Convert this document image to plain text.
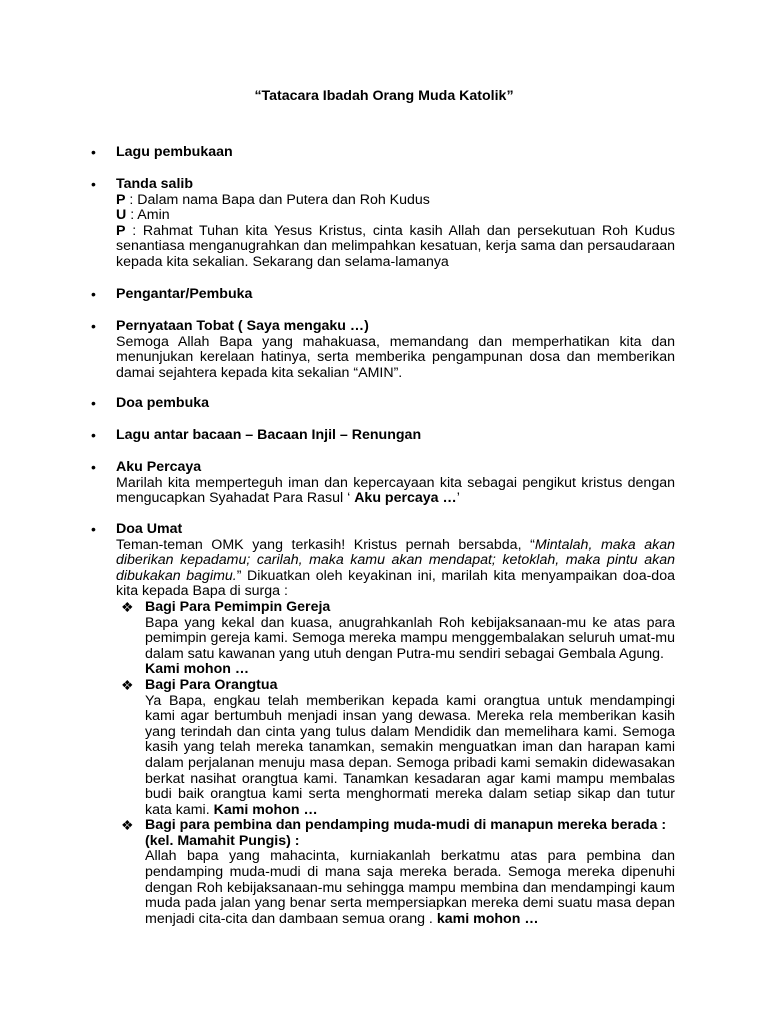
“Tatacara Ibadah Orang Muda Katolik”
• Lagu pembukaan
• Tanda salib
P : Dalam nama Bapa dan Putera dan Roh Kudus
U : Amin
P : Rahmat Tuhan kita Yesus Kristus, cinta kasih Allah dan persekutuan Roh Kudus senantiasa menganugrahkan dan melimpahkan kesatuan, kerja sama dan persaudaraan kepada kita sekalian. Sekarang dan selama-lamanya
• Pengantar/Pembuka
• Pernyataan Tobat ( Saya mengaku …)
Semoga Allah Bapa yang mahakuasa, memandang dan memperhatikan kita dan menunjukan kerelaan hatinya, serta memberika pengampunan dosa dan memberikan damai sejahtera kepada kita sekalian “AMIN”.
• Doa pembuka
• Lagu antar bacaan – Bacaan Injil – Renungan
• Aku Percaya
Marilah kita memperteguh iman dan kepercayaan kita sebagai pengikut kristus dengan mengucapkan Syahadat Para Rasul ‘ Aku percaya …’
• Doa Umat
Teman-teman OMK yang terkasih! Kristus pernah bersabda, “Mintalah, maka akan diberikan kepadamu; carilah, maka kamu akan mendapat; ketoklah, maka pintu akan dibukakan bagimu.” Dikuatkan oleh keyakinan ini, marilah kita menyampaikan doa-doa kita kepada Bapa di surga :
❖ Bagi Para Pemimpin Gereja
Bapa yang kekal dan kuasa, anugrahkanlah Roh kebijaksanaan-mu ke atas para pemimpin gereja kami. Semoga mereka mampu menggembalakan seluruh umat-mu dalam satu kawanan yang utuh dengan Putra-mu sendiri sebagai Gembala Agung.
Kami mohon …
❖ Bagi Para Orangtua
Ya Bapa, engkau telah memberikan kepada kami orangtua untuk mendampingi kami agar bertumbuh menjadi insan yang dewasa. Mereka rela memberikan kasih yang terindah dan cinta yang tulus dalam Mendidik dan memelihara kami. Semoga kasih yang telah mereka tanamkan, semakin menguatkan iman dan harapan kami dalam perjalanan menuju masa depan. Semoga pribadi kami semakin didewasakan berkat nasihat orangtua kami. Tanamkan kesadaran agar kami mampu membalas budi baik orangtua kami serta menghormati mereka dalam setiap sikap dan tutur kata kami. Kami mohon …
❖ Bagi para pembina dan pendamping muda-mudi di manapun mereka berada : (kel. Mamahit Pungis) :
Allah bapa yang mahacinta, kurniakanlah berkatmu atas para pembina dan pendamping muda-mudi di mana saja mereka berada. Semoga mereka dipenuhi dengan Roh kebijaksanaan-mu sehingga mampu membina dan mendampingi kaum muda pada jalan yang benar serta mempersiapkan mereka demi suatu masa depan menjadi cita-cita dan dambaan semua orang . kami mohon …
